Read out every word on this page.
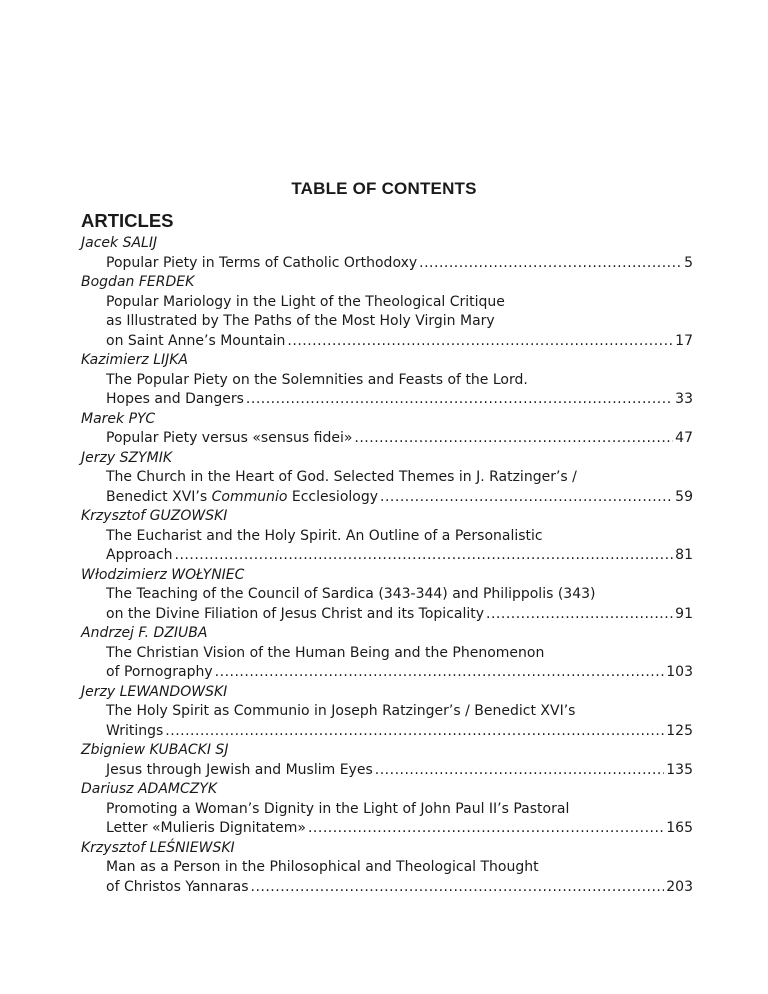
TABLE OF CONTENTS
ARTICLES
Jacek SALIJ
Popular Piety in Terms of Catholic Orthodoxy .....	5
Bogdan FERDEK
Popular Mariology in the Light of the Theological Critique
as Illustrated by The Paths of the Most Holy Virgin Mary
on Saint Anne’s Mountain .....	17
Kazimierz LIJKA
The Popular Piety on the Solemnities and Feasts of the Lord.
Hopes and Dangers .....	33
Marek PYC
Popular Piety versus «sensus fidei» .....	47
Jerzy SZYMIK
The Church in the Heart of God. Selected Themes in J. Ratzinger’s /
Benedict XVI’s Communio Ecclesiology .....	59
Krzysztof GUZOWSKI
The Eucharist and the Holy Spirit. An Outline of a Personalistic
Approach .....	81
Włodzimierz WOŁYNIEC
The Teaching of the Council of Sardica (343-344) and Philippolis (343)
on the Divine Filiation of Jesus Christ and its Topicality .....	91
Andrzej F. DZIUBA
The Christian Vision of the Human Being and the Phenomenon
of Pornography .....	103
Jerzy LEWANDOWSKI
The Holy Spirit as Communio in Joseph Ratzinger’s / Benedict XVI’s
Writings .....	125
Zbigniew KUBACKI SJ
Jesus through Jewish and Muslim Eyes .....	135
Dariusz ADAMCZYK
Promoting a Woman’s Dignity in the Light of John Paul II’s Pastoral
Letter «Mulieris Dignitatem» .....	165
Krzysztof LEŚNIEWSKI
Man as a Person in the Philosophical and Theological Thought
of Christos Yannaras .....	203
